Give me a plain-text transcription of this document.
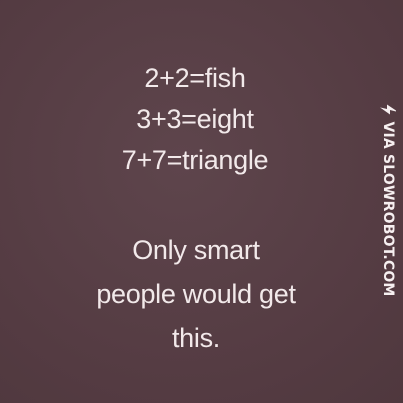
2+2=fish
3+3=eight
7+7=triangle
Only smart
people would get
this.
VIA SLOWROBOT.COM
